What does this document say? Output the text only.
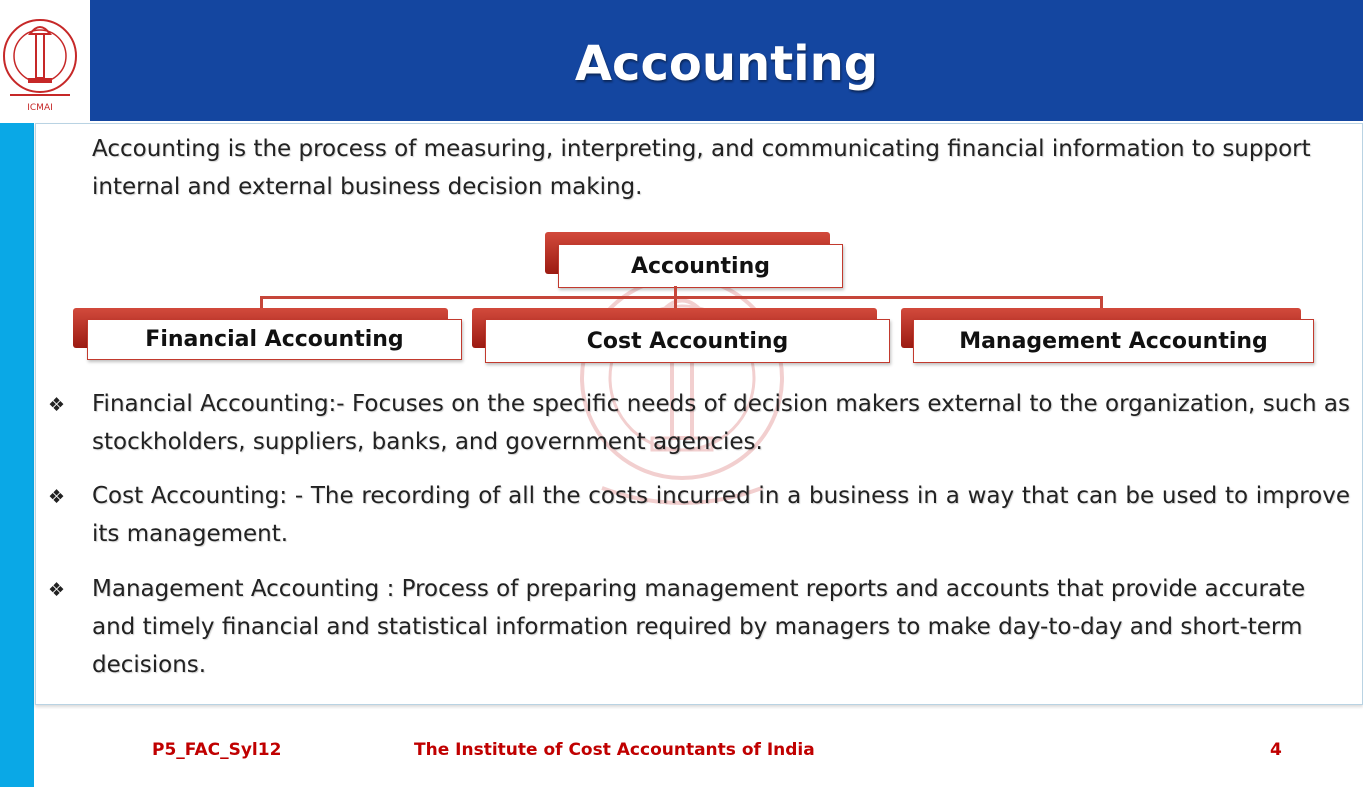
ICMAI
Accounting
Accounting is the process of measuring, interpreting, and communicating financial information to support internal and external business decision making.
Accounting
Financial Accounting	Cost Accounting	Management Accounting
❖ Financial Accounting:- Focuses on the specific needs of decision makers external to the organization, such as stockholders, suppliers, banks, and government agencies.
❖ Cost Accounting: - The recording of all the costs incurred in a business in a way that can be used to improve its management.
❖ Management Accounting : Process of preparing management reports and accounts that provide accurate and timely financial and statistical information required by managers to make day-to-day and short-term decisions.
P5_FAC_Syl12	The Institute of Cost Accountants of India	4
